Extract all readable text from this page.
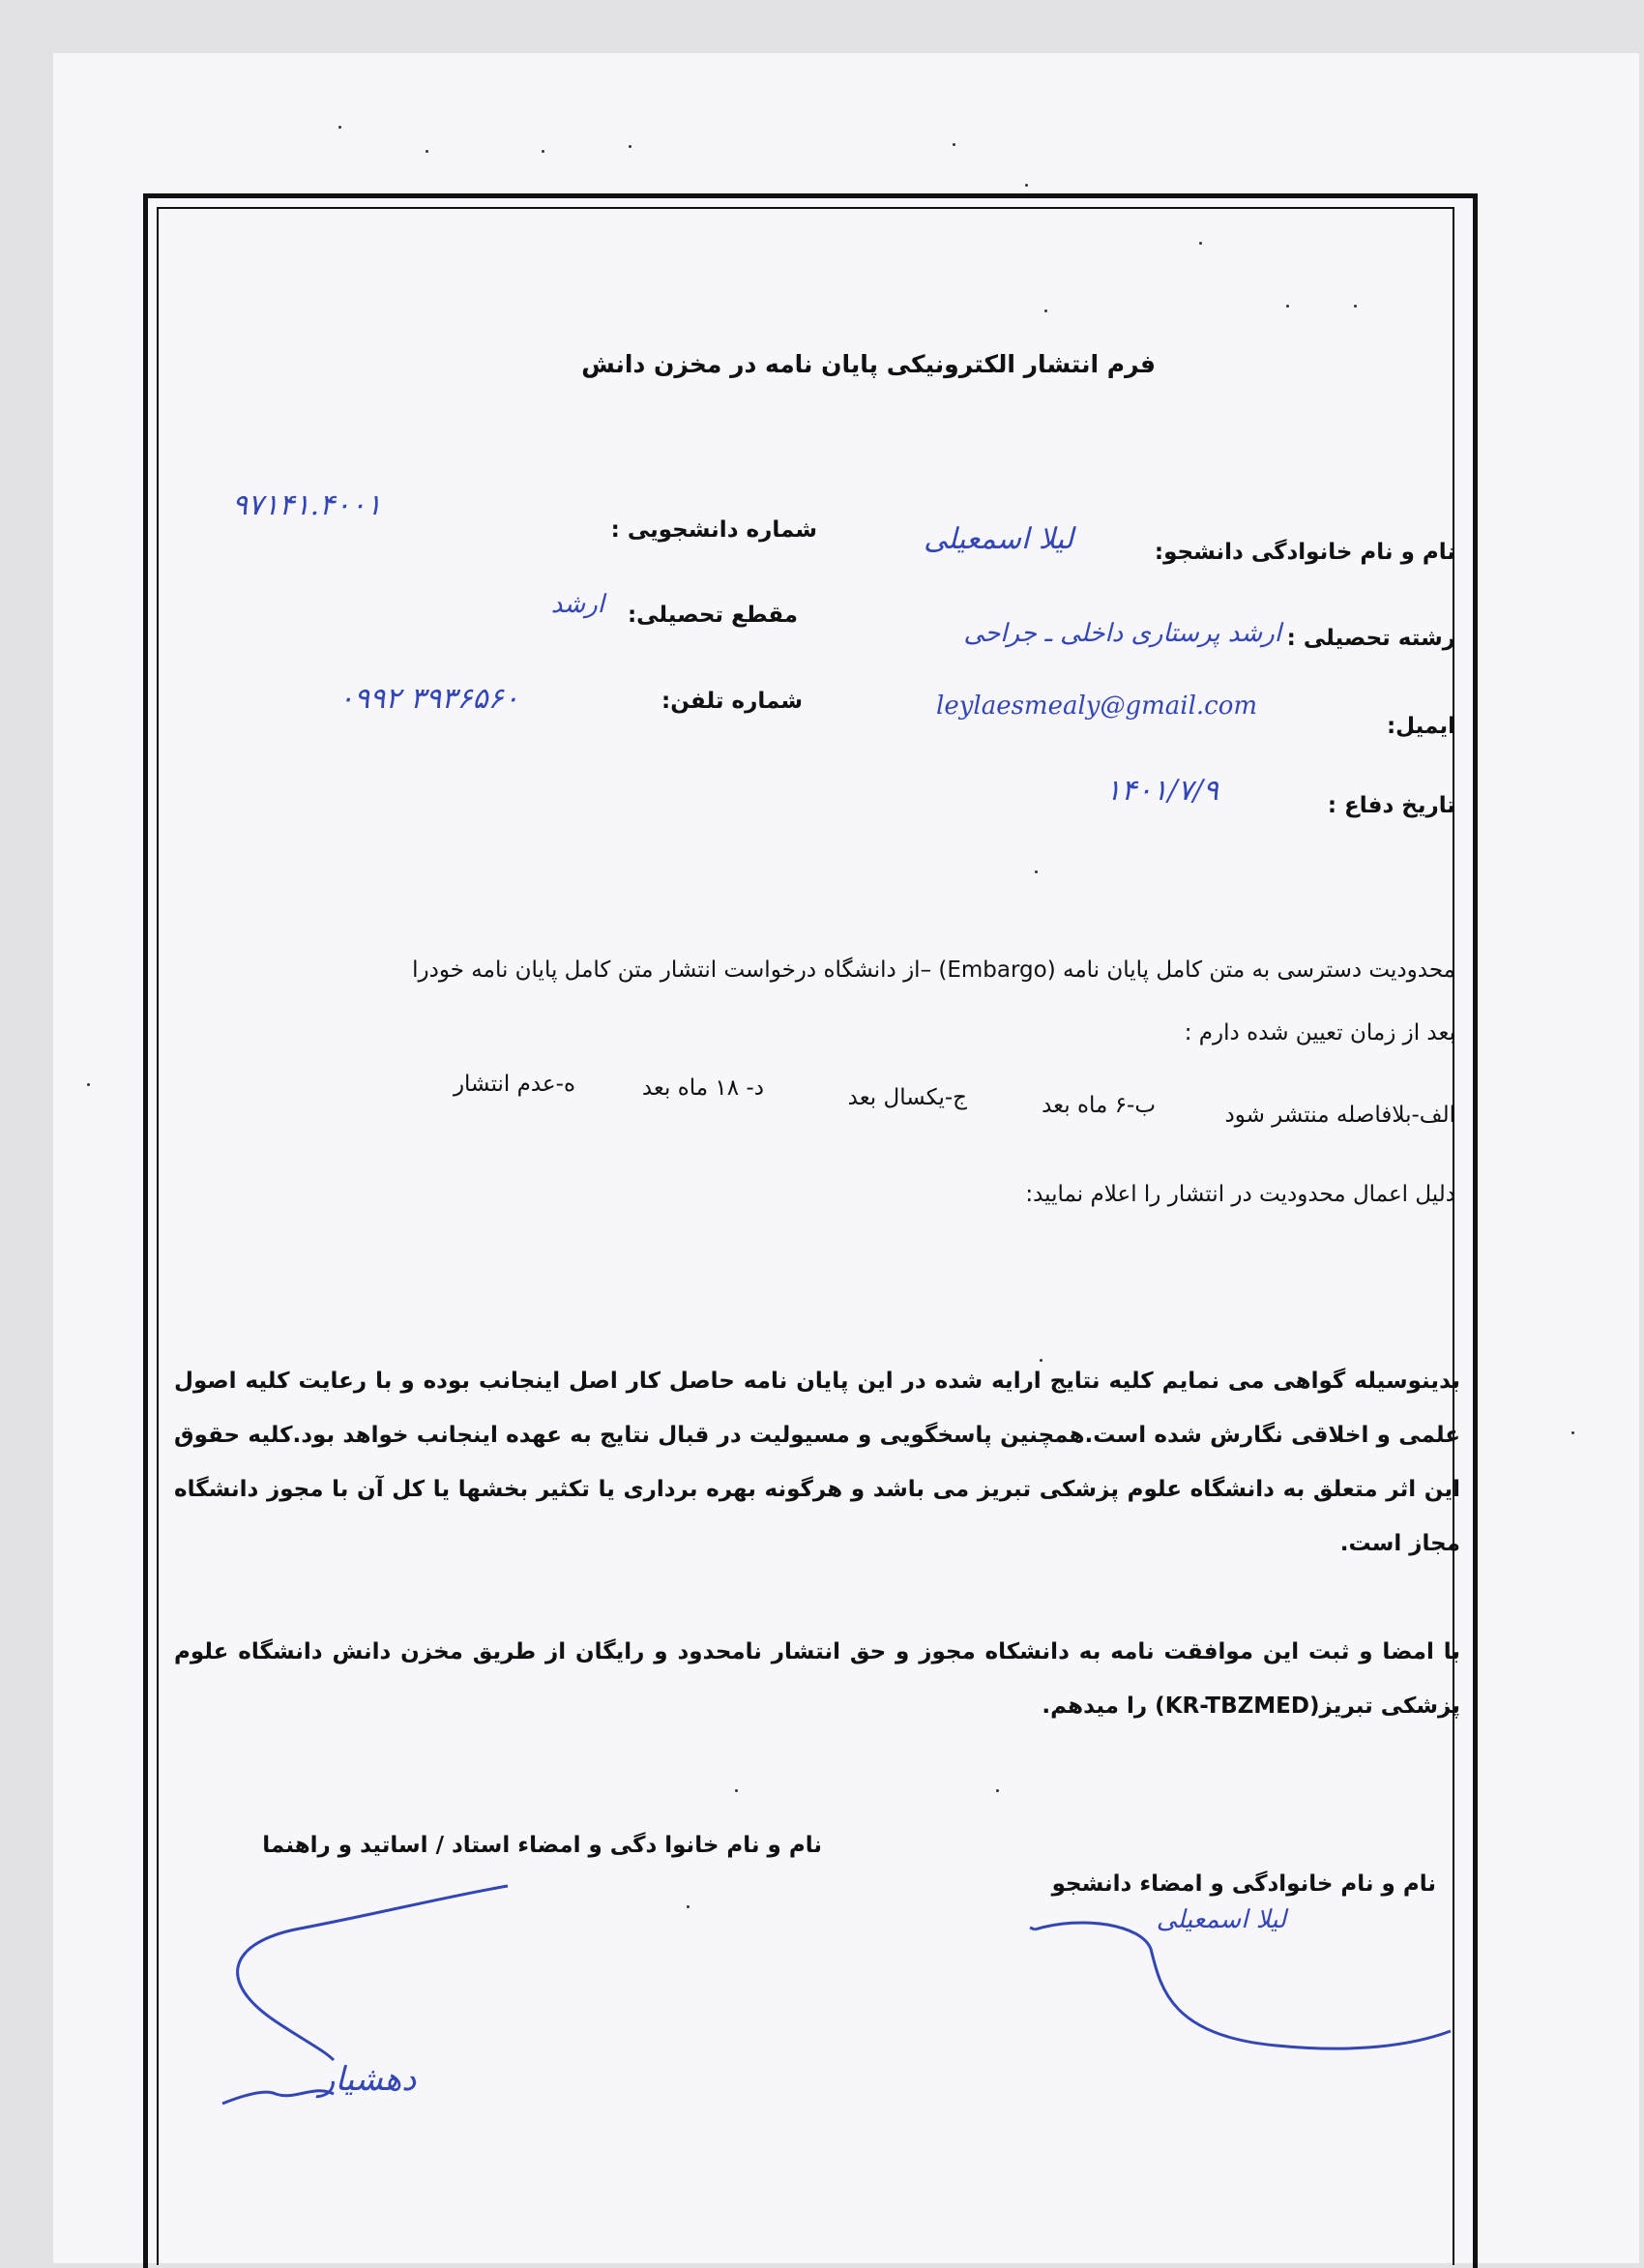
فرم انتشار الکترونیکی پایان نامه در مخزن دانش
نام و نام خانوادگی دانشجو:
لیلا اسمعیلی
شماره دانشجویی :
۹۷۱۴۱.۴۰۰۱
رشته تحصیلی :
ارشد پرستاری داخلی ـ جراحی
مقطع تحصیلی:
ارشد
ایمیل:
leylaesmealy@gmail.com
شماره تلفن:
۰۹۹۲ ۳۹۳۶۵۶۰
تاریخ دفاع :
۱۴۰۱/۷/۹
محدودیت دسترسی به متن کامل پایان نامه (Embargo) –از دانشگاه درخواست انتشار متن کامل پایان نامه خودرا
بعد از زمان تعیین شده دارم :
الف-بلافاصله منتشر شود
ب-۶ ماه بعد
ج-یکسال بعد
د- ۱۸ ماه بعد
ه-عدم انتشار
دلیل اعمال محدودیت در انتشار را اعلام نمایید:
بدینوسیله گواهی می نمایم کلیه نتایج ارایه شده در این پایان نامه حاصل کار اصل اینجانب بوده و با رعایت کلیه اصول علمی و اخلاقی نگارش شده است.همچنین پاسخگویی و مسیولیت در قبال نتایج به عهده اینجانب خواهد بود.کلیه حقوق این اثر متعلق به دانشگاه علوم پزشکی تبریز می باشد و هرگونه بهره برداری یا تکثیر بخشها یا کل آن با مجوز دانشگاه مجاز است.
با امضا و ثبت این موافقت نامه به دانشکاه مجوز و حق انتشار نامحدود و رایگان از طریق مخزن دانش دانشگاه علوم پزشکی تبریز(KR-TBZMED) را میدهم.
نام و نام خانوا دگی و امضاء استاد / اساتید و راهنما
نام و نام خانوادگی و امضاء دانشجو
لیلا اسمعیلی
دهشیار
